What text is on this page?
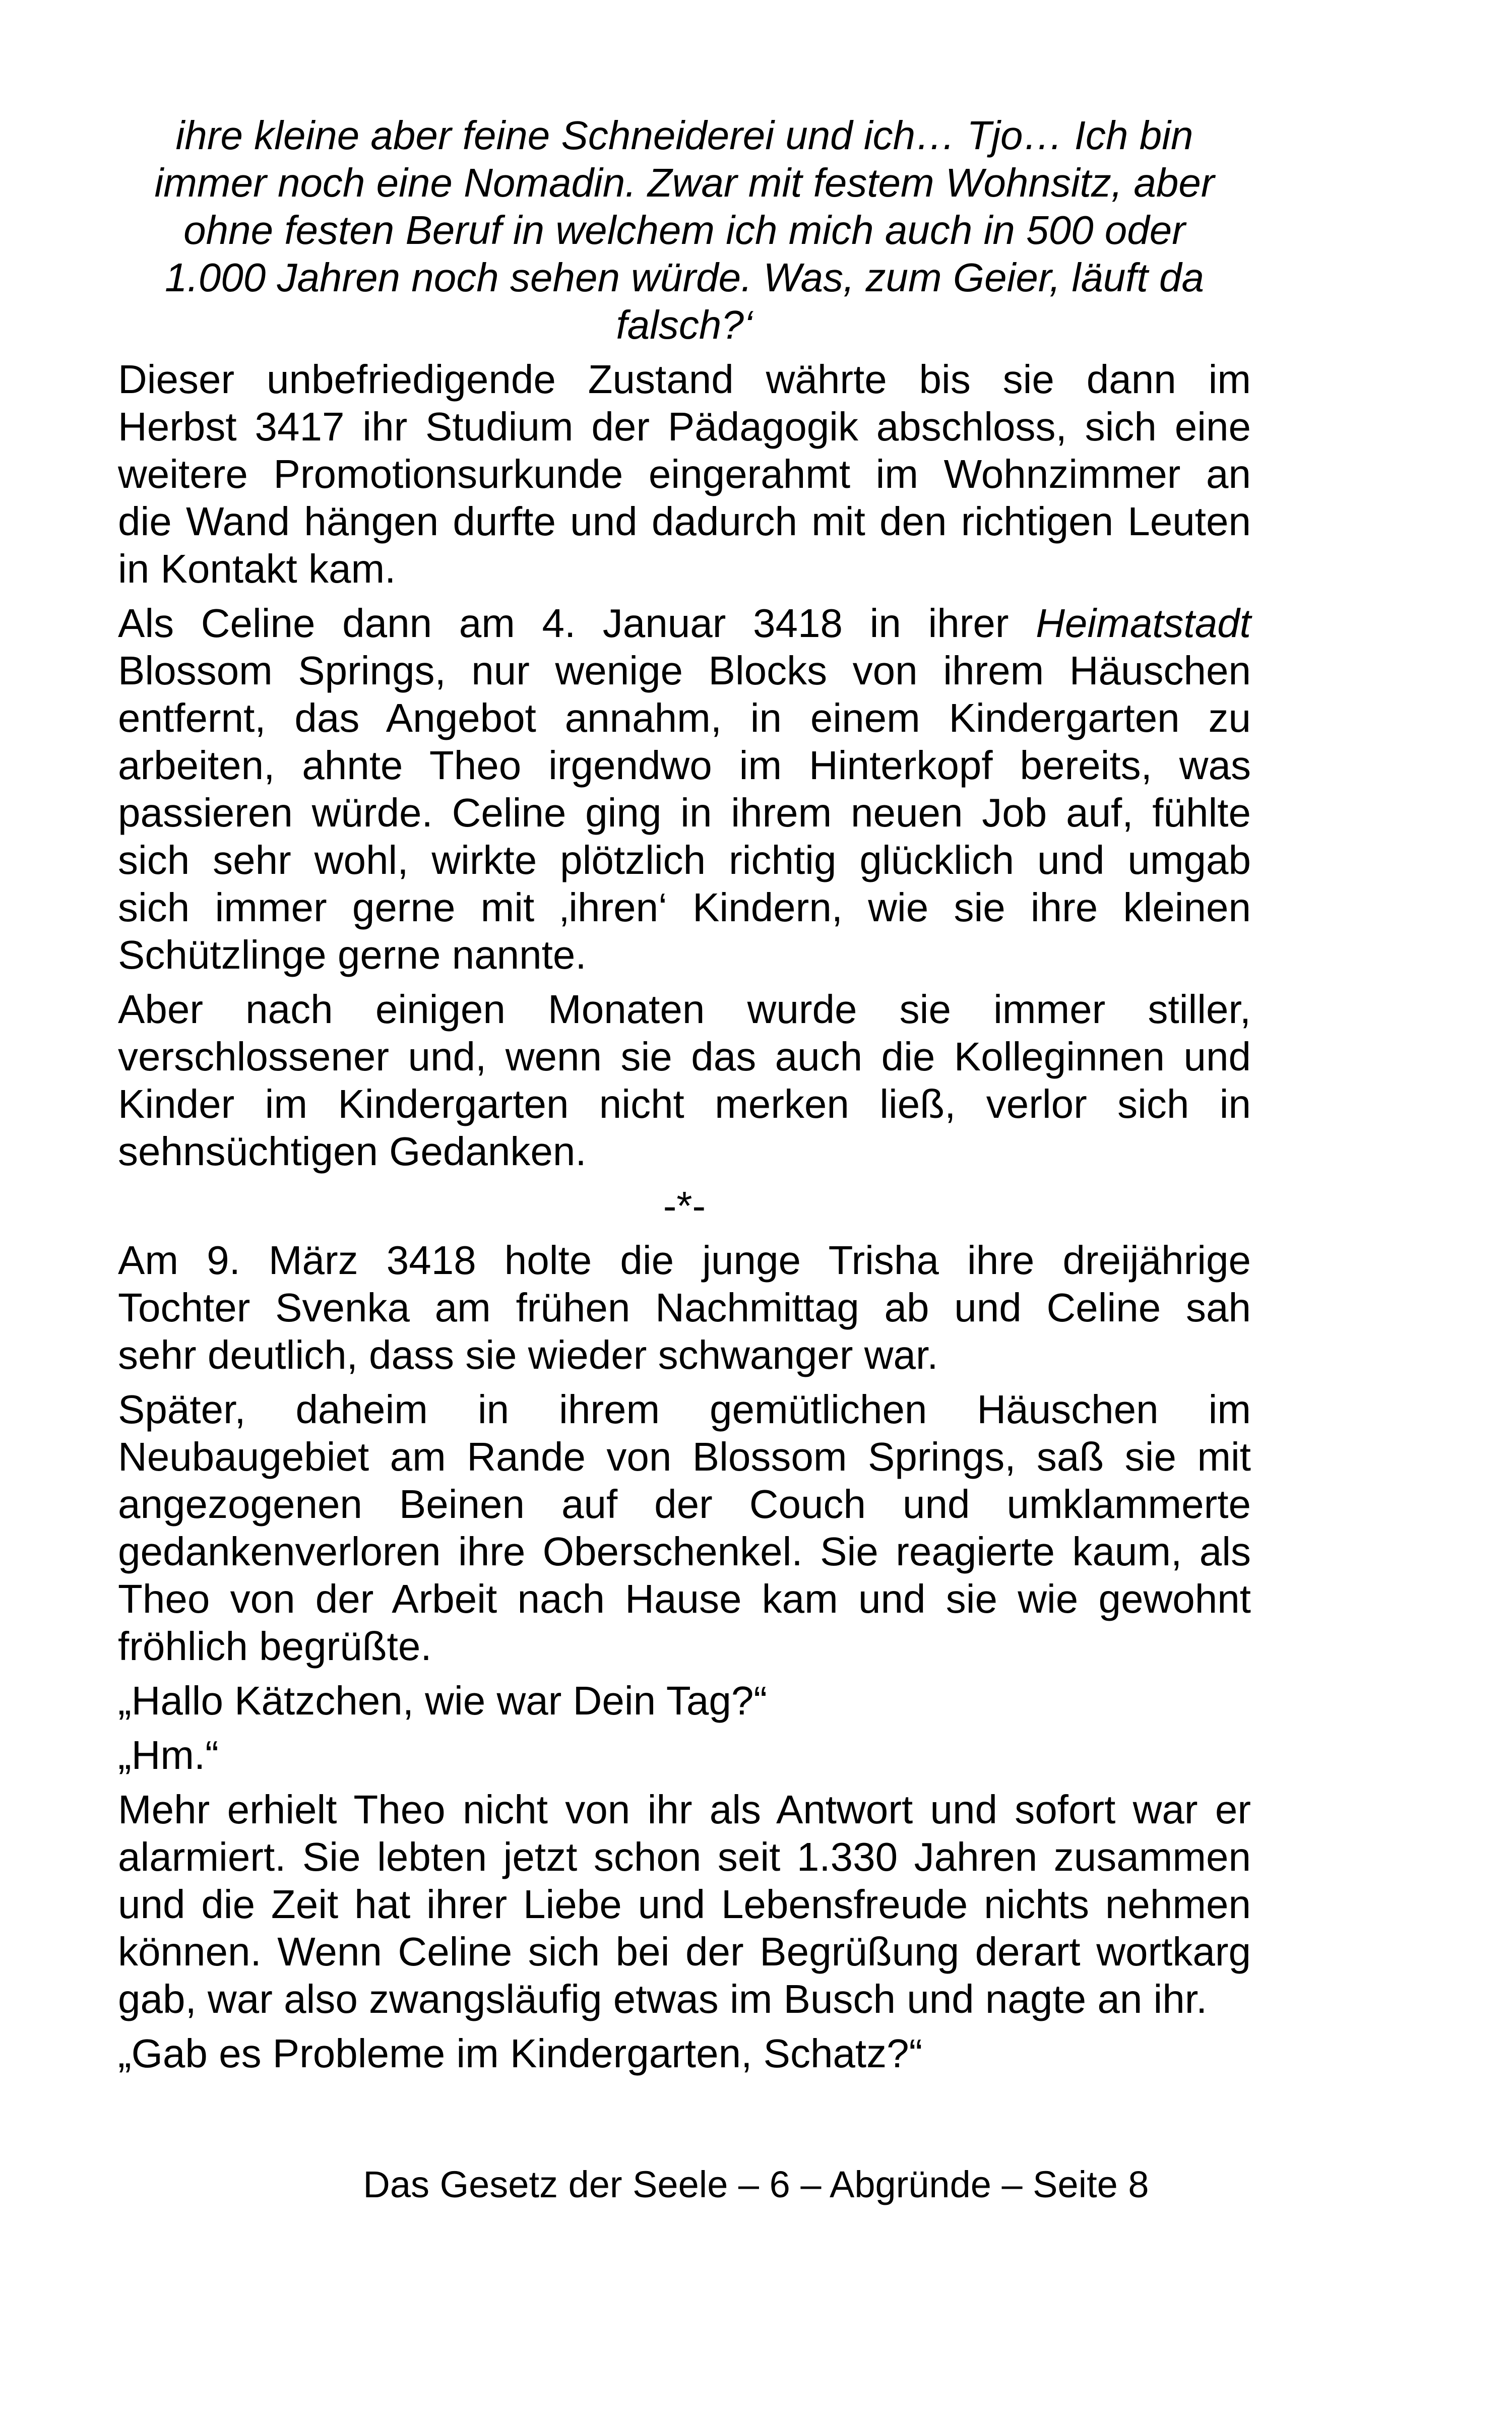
ihre kleine aber feine Schneiderei und ich… Tjo… Ich bin
immer noch eine Nomadin. Zwar mit festem Wohnsitz, aber
ohne festen Beruf in welchem ich mich auch in 500 oder
1.000 Jahren noch sehen würde. Was, zum Geier, läuft da
falsch?‘
Dieser unbefriedigende Zustand währte bis sie dann im
Herbst 3417 ihr Studium der Pädagogik abschloss, sich eine
weitere Promotionsurkunde eingerahmt im Wohnzimmer an
die Wand hängen durfte und dadurch mit den richtigen Leuten
in Kontakt kam.
Als Celine dann am 4. Januar 3418 in ihrer Heimatstadt
Blossom Springs, nur wenige Blocks von ihrem Häuschen
entfernt, das Angebot annahm, in einem Kindergarten zu
arbeiten, ahnte Theo irgendwo im Hinterkopf bereits, was
passieren würde. Celine ging in ihrem neuen Job auf, fühlte
sich sehr wohl, wirkte plötzlich richtig glücklich und umgab
sich immer gerne mit ‚ihren‘ Kindern, wie sie ihre kleinen
Schützlinge gerne nannte.
Aber nach einigen Monaten wurde sie immer stiller,
verschlossener und, wenn sie das auch die Kolleginnen und
Kinder im Kindergarten nicht merken ließ, verlor sich in
sehnsüchtigen Gedanken.
-*-
Am 9. März 3418 holte die junge Trisha ihre dreijährige
Tochter Svenka am frühen Nachmittag ab und Celine sah
sehr deutlich, dass sie wieder schwanger war.
Später, daheim in ihrem gemütlichen Häuschen im
Neubaugebiet am Rande von Blossom Springs, saß sie mit
angezogenen Beinen auf der Couch und umklammerte
gedankenverloren ihre Oberschenkel. Sie reagierte kaum, als
Theo von der Arbeit nach Hause kam und sie wie gewohnt
fröhlich begrüßte.
„Hallo Kätzchen, wie war Dein Tag?“
„Hm.“
Mehr erhielt Theo nicht von ihr als Antwort und sofort war er
alarmiert. Sie lebten jetzt schon seit 1.330 Jahren zusammen
und die Zeit hat ihrer Liebe und Lebensfreude nichts nehmen
können. Wenn Celine sich bei der Begrüßung derart wortkarg
gab, war also zwangsläufig etwas im Busch und nagte an ihr.
„Gab es Probleme im Kindergarten, Schatz?“
Das Gesetz der Seele – 6 – Abgründe – Seite 8
